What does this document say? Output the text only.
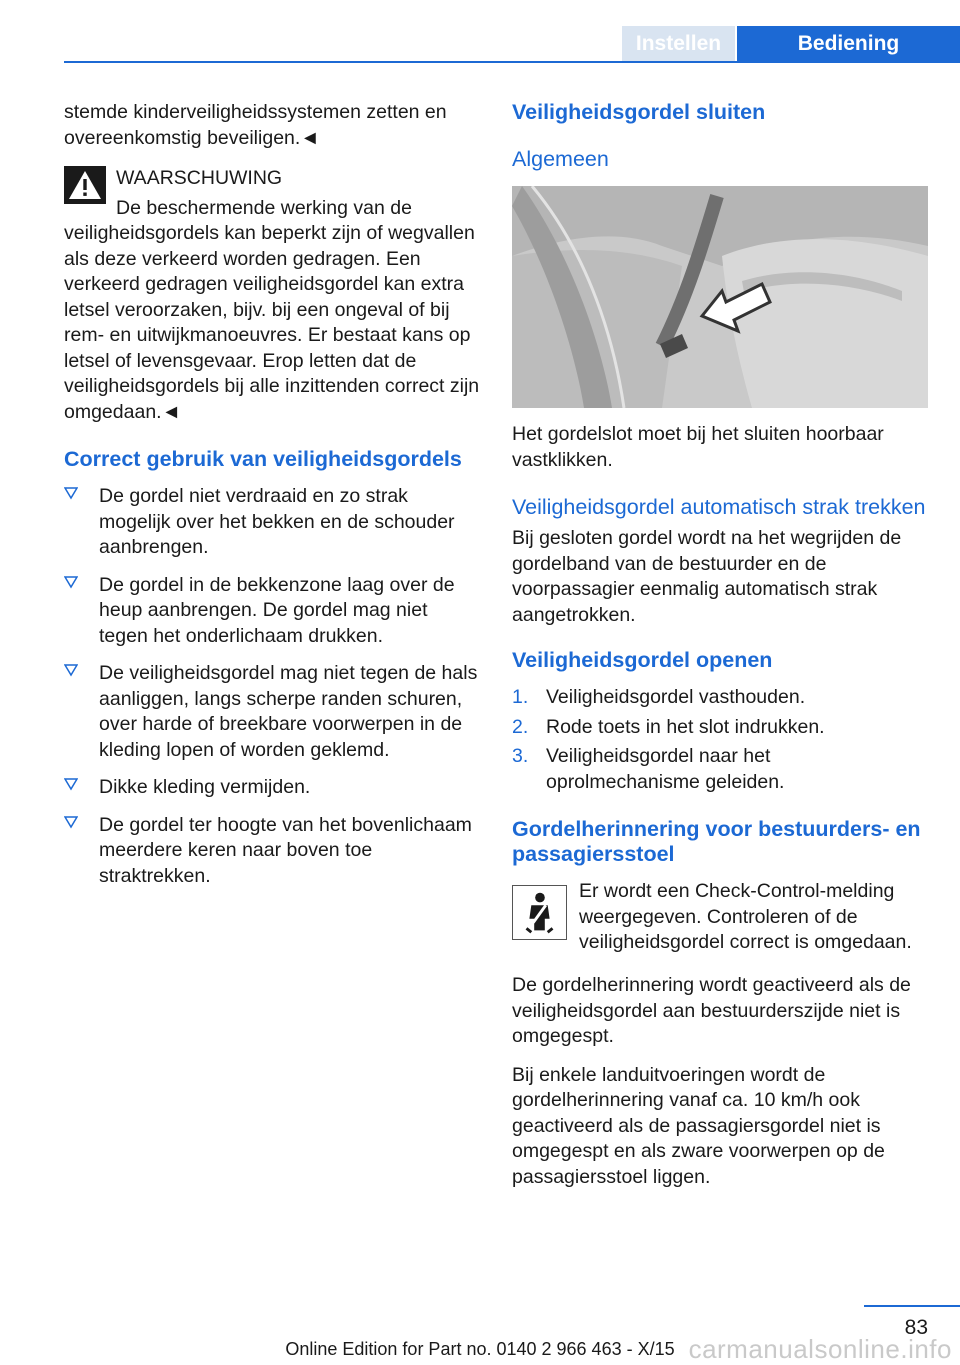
Instellen	Bediening

stemde kinderveiligheidssystemen zetten en overeenkomstig beveiligen.◄

WAARSCHUWING
De beschermende werking van de veiligheidsgordels kan beperkt zijn of wegvallen als deze verkeerd worden gedragen. Een verkeerd gedragen veiligheidsgordel kan extra letsel veroorzaken, bijv. bij een ongeval of bij rem- en uitwijkmanoeuvres. Er bestaat kans op letsel of levensgevaar. Erop letten dat de veiligheidsgordels bij alle inzittenden correct zijn omgedaan.◄
Correct gebruik van veiligheidsgordels
De gordel niet verdraaid en zo strak mogelijk over het bekken en de schouder aanbrengen.
De gordel in de bekkenzone laag over de heup aanbrengen. De gordel mag niet tegen het onderlichaam drukken.
De veiligheidsgordel mag niet tegen de hals aanliggen, langs scherpe randen schuren, over harde of breekbare voorwerpen in de kleding lopen of worden geklemd.
Dikke kleding vermijden.
De gordel ter hoogte van het bovenlichaam meerdere keren naar boven toe straktrekken.
Veiligheidsgordel sluiten
Algemeen

Het gordelslot moet bij het sluiten hoorbaar vastklikken.

Veiligheidsgordel automatisch strak trekken

Bij gesloten gordel wordt na het wegrijden de gordelband van de bestuurder en de voorpassagier eenmalig automatisch strak aangetrokken.

Veiligheidsgordel openen
1. Veiligheidsgordel vasthouden.
2. Rode toets in het slot indrukken.
3. Veiligheidsgordel naar het oprolmechanisme geleiden.
Gordelherinnering voor bestuurders- en passagiersstoel
Er wordt een Check-Control-melding weergegeven. Controleren of de veiligheidsgordel correct is omgedaan.

De gordelherinnering wordt geactiveerd als de veiligheidsgordel aan bestuurderszijde niet is omgegespt.

Bij enkele landuitvoeringen wordt de gordelherinnering vanaf ca. 10 km/h ook geactiveerd als de passagiersgordel niet is omgegespt en als zware voorwerpen op de passagiersstoel liggen.

83
Online Edition for Part no. 0140 2 966 463 - X/15 carmanualsonline.info
